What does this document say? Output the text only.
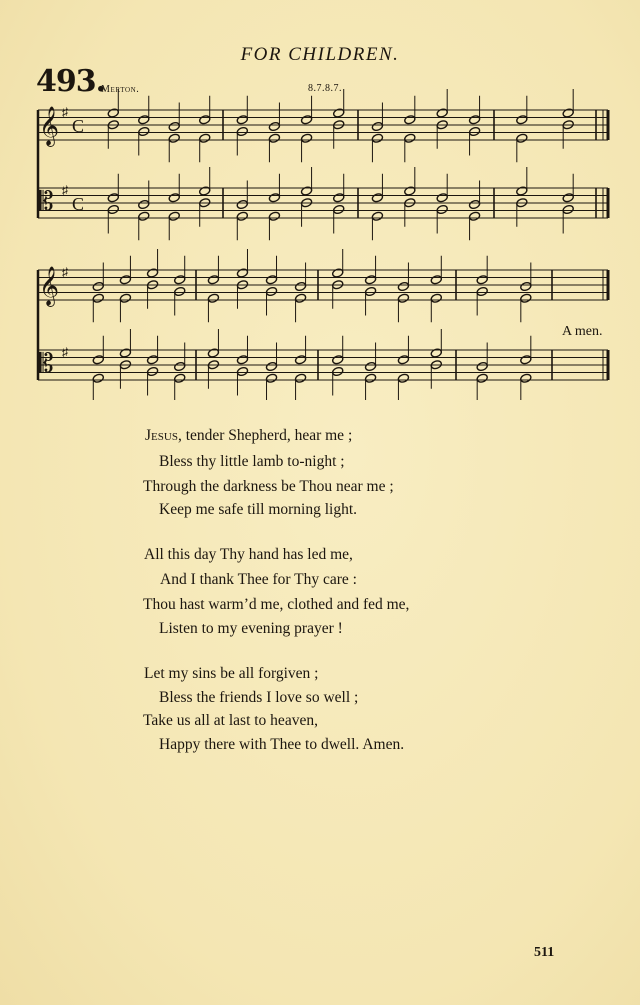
FOR CHILDREN.
493.
Merton.	8.7.8.7.
𝄞 ♯
𝄡 ♯
𝄞 ♯
𝄡 ♯
C
C
A men.
Jesus, tender Shepherd, hear me ;
Bless thy little lamb to-night ;
Through the darkness be Thou near me ;
Keep me safe till morning light.
All this day Thy hand has led me,
And I thank Thee for Thy care :
Thou hast warm’d me, clothed and fed me,
Listen to my evening prayer !
Let my sins be all forgiven ;
Bless the friends I love so well ;
Take us all at last to heaven,
Happy there with Thee to dwell. Amen.
511
